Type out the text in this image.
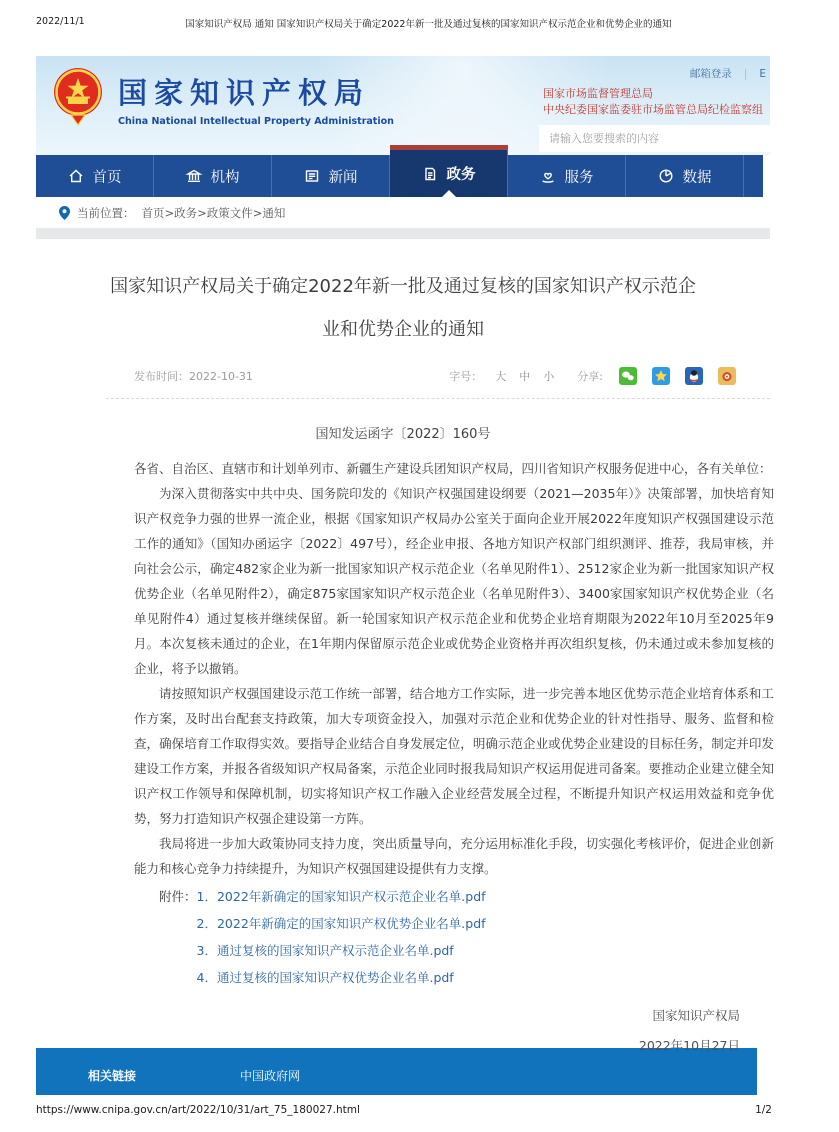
2022/11/1	国家知识产权局 通知 国家知识产权局关于确定2022年新一批及通过复核的国家知识产权示范企业和优势企业的通知
国家知识产权局
China National Intellectual Property Administration
邮箱登录 | E
国家市场监督管理总局
中央纪委国家监委驻市场监管总局纪检监察组
请输入您要搜索的内容
首页	机构	新闻	政务	服务	数据
当前位置： 首页>政务>政策文件>通知
国家知识产权局关于确定2022年新一批及通过复核的国家知识产权示范企业和优势企业的通知
发布时间：2022-10-31	字号： 大 中 小 分享:
国知发运函字〔2022〕160号

各省、自治区、直辖市和计划单列市、新疆生产建设兵团知识产权局，四川省知识产权服务促进中心，各有关单位：

为深入贯彻落实中共中央、国务院印发的《知识产权强国建设纲要（2021—2035年）》决策部署，加快培育知识产权竞争力强的世界一流企业，根据《国家知识产权局办公室关于面向企业开展2022年度知识产权强国建设示范工作的通知》（国知办函运字〔2022〕497号），经企业申报、各地方知识产权部门组织测评、推荐，我局审核，并向社会公示，确定482家企业为新一批国家知识产权示范企业（名单见附件1）、2512家企业为新一批国家知识产权优势企业（名单见附件2），确定875家国家知识产权示范企业（名单见附件3）、3400家国家知识产权优势企业（名单见附件4）通过复核并继续保留。新一轮国家知识产权示范企业和优势企业培育期限为2022年10月至2025年9月。本次复核未通过的企业，在1年期内保留原示范企业或优势企业资格并再次组织复核，仍未通过或未参加复核的企业，将予以撤销。

请按照知识产权强国建设示范工作统一部署，结合地方工作实际，进一步完善本地区优势示范企业培育体系和工作方案，及时出台配套支持政策，加大专项资金投入，加强对示范企业和优势企业的针对性指导、服务、监督和检查，确保培育工作取得实效。要指导企业结合自身发展定位，明确示范企业或优势企业建设的目标任务，制定并印发建设工作方案，并报各省级知识产权局备案，示范企业同时报我局知识产权运用促进司备案。要推动企业建立健全知识产权工作领导和保障机制，切实将知识产权工作融入企业经营发展全过程，不断提升知识产权运用效益和竞争优势，努力打造知识产权强企建设第一方阵。

我局将进一步加大政策协同支持力度，突出质量导向，充分运用标准化手段，切实强化考核评价，促进企业创新能力和核心竞争力持续提升，为知识产权强国建设提供有力支撑。

附件： 1．2022年新确定的国家知识产权示范企业名单.pdf
2．2022年新确定的国家知识产权优势企业名单.pdf
3．通过复核的国家知识产权示范企业名单.pdf
4．通过复核的国家知识产权优势企业名单.pdf
国家知识产权局
2022年10月27日
相关链接	中国政府网
https://www.cnipa.gov.cn/art/2022/10/31/art_75_180027.html	1/2
